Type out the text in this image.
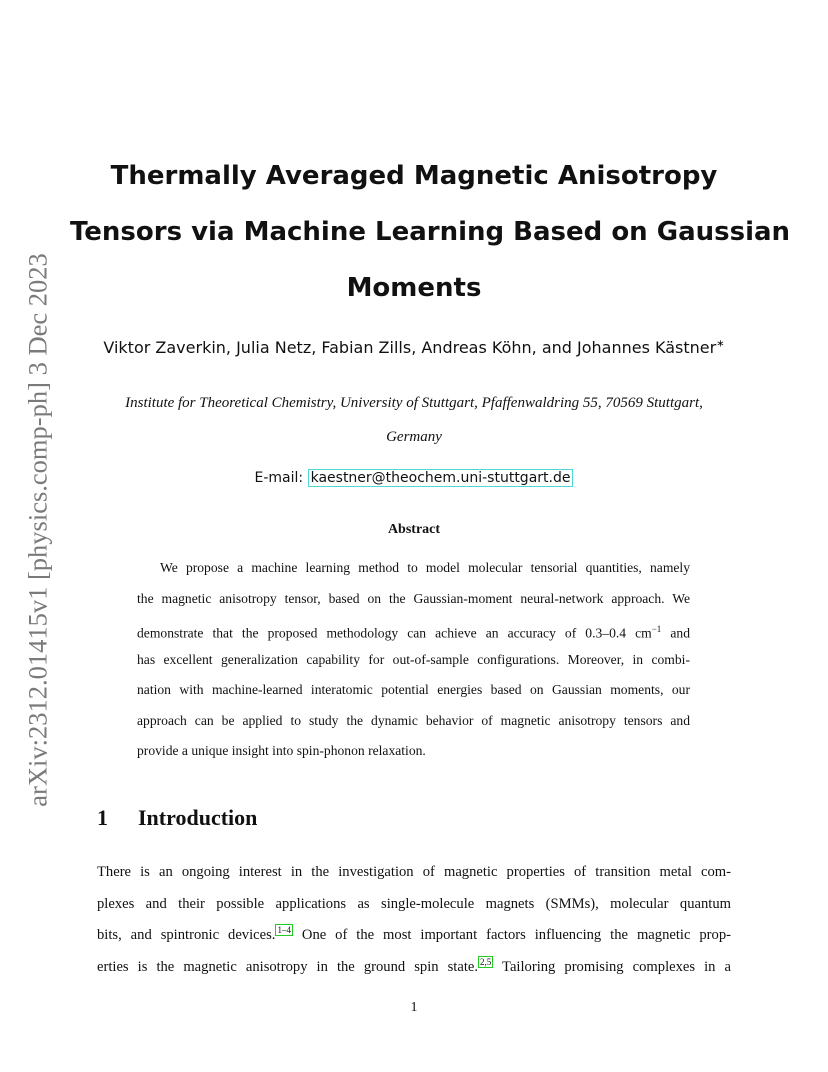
arXiv:2312.01415v1 [physics.comp-ph] 3 Dec 2023
Thermally Averaged Magnetic Anisotropy
Tensors via Machine Learning Based on Gaussian
Moments
Viktor Zaverkin, Julia Netz, Fabian Zills, Andreas Köhn, and Johannes Kästner∗
Institute for Theoretical Chemistry, University of Stuttgart, Pfaffenwaldring 55, 70569 Stuttgart,
Germany
E-mail: kaestner@theochem.uni-stuttgart.de
Abstract
We propose a machine learning method to model molecular tensorial quantities, namely
the magnetic anisotropy tensor, based on the Gaussian-moment neural-network approach. We
demonstrate that the proposed methodology can achieve an accuracy of 0.3–0.4 $cm^{-1}$ and
has excellent generalization capability for out-of-sample configurations. Moreover, in combi-
nation with machine-learned interatomic potential energies based on Gaussian moments, our
approach can be applied to study the dynamic behavior of magnetic anisotropy tensors and
provide a unique insight into spin-phonon relaxation.
1 Introduction
There is an ongoing interest in the investigation of magnetic properties of transition metal com-
plexes and their possible applications as single-molecule magnets (SMMs), molecular quantum
bits, and spintronic devices. $^{1-4}$ One of the most important factors influencing the magnetic prop-
erties is the magnetic anisotropy in the ground spin state. $^{2,5}$ Tailoring promising complexes in a
1
